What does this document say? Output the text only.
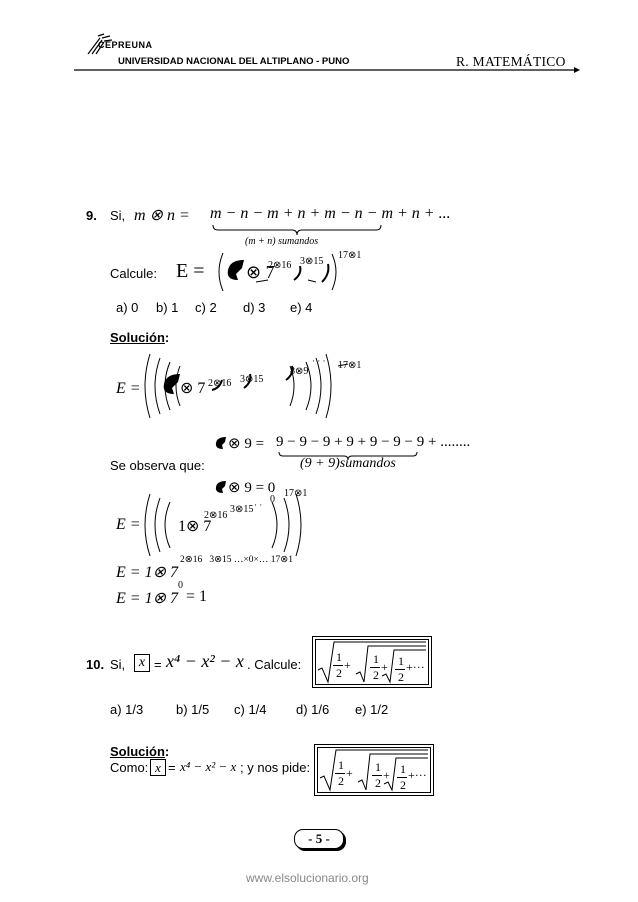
CEPREUNA
UNIVERSIDAD NACIONAL DEL ALTIPLANO - PUNO	R. MATEMÁTICO
9. Si, m ⊗ n = m − n − m + n + m − n − m + n + ...
(m + n) sumandos
Calcule: E = ⊗ 7
2⊗16 3⊗15
17⊗1
a) 0 b) 1 c) 2 d) 3 e) 4
Solución:
E = ⊗ 7 2⊗16 3⊗15
8⊗9
· · · 17⊗1
⊗ 9 = 9 − 9 − 9 + 9 + 9 − 9 − 9 + ........
Se observa que:	(9 + 9)sumandos
⊗ 9 = 0
E = 1⊗ 7
2⊗16
3⊗15 · · 0
17⊗1
E = 1⊗ 7
2⊗16   3⊗15 …×0×… 17⊗1
E = 1⊗ 7
0
= 1
10. Si, x = x⁴ − x² − x . Calcule:	1
2
+ 1
2
+ 1
2
+···
a) 1/3	b) 1/5 c) 1/4 d) 1/6 e) 1/2
Solución:
Como: x = x⁴ − x² − x ; y nos pide: 1
2
+ 1
2
+ 1
2
+···
- 5 -
www.elsolucionario.org
